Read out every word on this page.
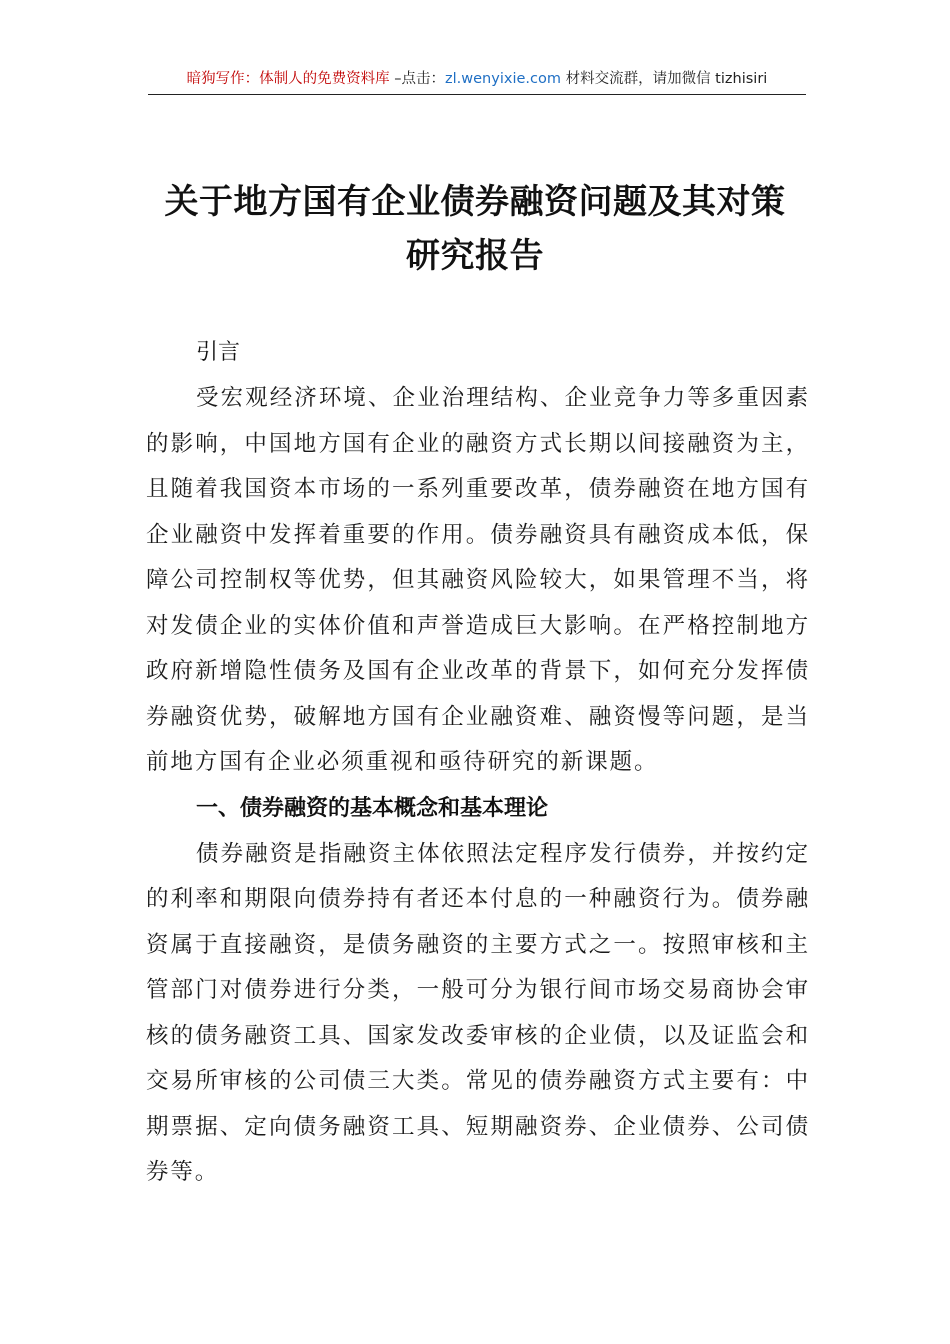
暗狗写作：体制人的免费资料库 –点击：zl.wenyixie.com 材料交流群，请加微信 tizhisiri
关于地方国有企业债券融资问题及其对策
研究报告

引言

受宏观经济环境、企业治理结构、企业竞争力等多重因素的影响，中国地方国有企业的融资方式长期以间接融资为主，且随着我国资本市场的一系列重要改革，债券融资在地方国有企业融资中发挥着重要的作用。债券融资具有融资成本低，保障公司控制权等优势，但其融资风险较大，如果管理不当，将对发债企业的实体价值和声誉造成巨大影响。在严格控制地方政府新增隐性债务及国有企业改革的背景下，如何充分发挥债券融资优势，破解地方国有企业融资难、融资慢等问题，是当前地方国有企业必须重视和亟待研究的新课题。

一、债券融资的基本概念和基本理论

债券融资是指融资主体依照法定程序发行债券，并按约定的利率和期限向债券持有者还本付息的一种融资行为。债券融资属于直接融资，是债务融资的主要方式之一。按照审核和主管部门对债券进行分类，一般可分为银行间市场交易商协会审核的债务融资工具、国家发改委审核的企业债，以及证监会和交易所审核的公司债三大类。常见的债券融资方式主要有：中期票据、定向债务融资工具、短期融资券、企业债券、公司债券等。
